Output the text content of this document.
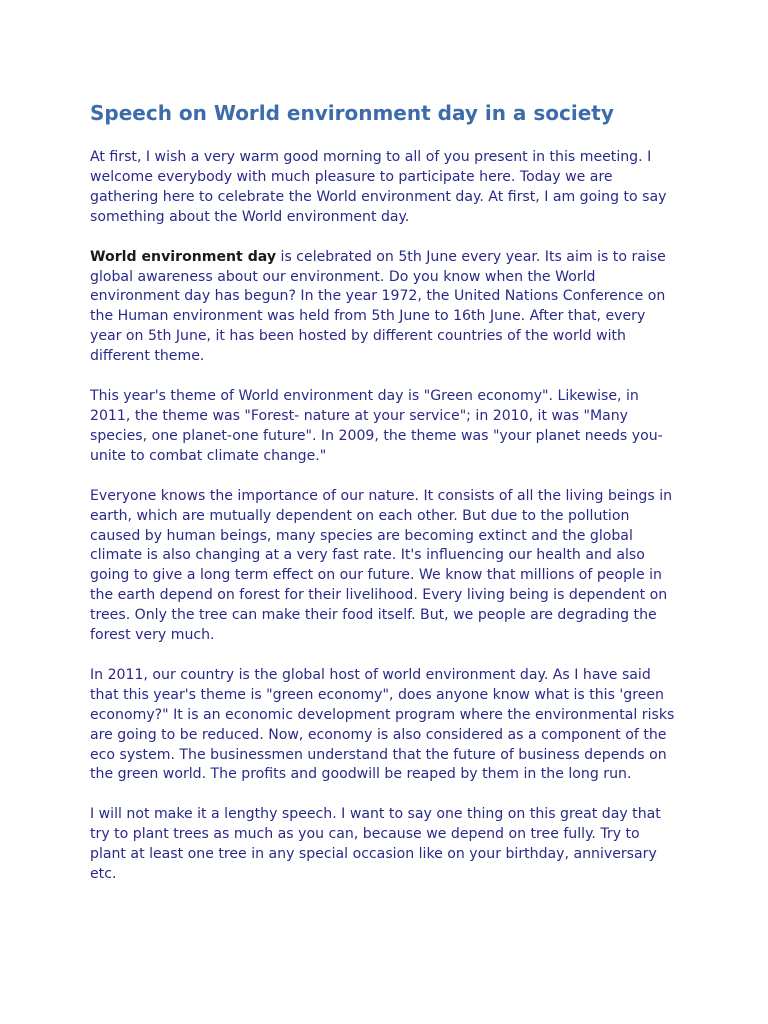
Speech on World environment day in a society

At first, I wish a very warm good morning to all of you present in this meeting. I welcome everybody with much pleasure to participate here. Today we are gathering here to celebrate the World environment day. At first, I am going to say something about the World environment day.

World environment day is celebrated on 5th June every year. Its aim is to raise global awareness about our environment. Do you know when the World environment day has begun? In the year 1972, the United Nations Conference on the Human environment was held from 5th June to 16th June. After that, every year on 5th June, it has been hosted by different countries of the world with different theme.

This year's theme of World environment day is "Green economy". Likewise, in 2011, the theme was "Forest- nature at your service"; in 2010, it was "Many species, one planet-one future". In 2009, the theme was "your planet needs you- unite to combat climate change."

Everyone knows the importance of our nature. It consists of all the living beings in earth, which are mutually dependent on each other. But due to the pollution caused by human beings, many species are becoming extinct and the global climate is also changing at a very fast rate. It's influencing our health and also going to give a long term effect on our future. We know that millions of people in the earth depend on forest for their livelihood. Every living being is dependent on trees. Only the tree can make their food itself. But, we people are degrading the forest very much.

In 2011, our country is the global host of world environment day. As I have said that this year's theme is "green economy", does anyone know what is this 'green economy?" It is an economic development program where the environmental risks are going to be reduced. Now, economy is also considered as a component of the eco system. The businessmen understand that the future of business depends on the green world. The profits and goodwill be reaped by them in the long run.

I will not make it a lengthy speech. I want to say one thing on this great day that try to plant trees as much as you can, because we depend on tree fully. Try to plant at least one tree in any special occasion like on your birthday, anniversary etc.
